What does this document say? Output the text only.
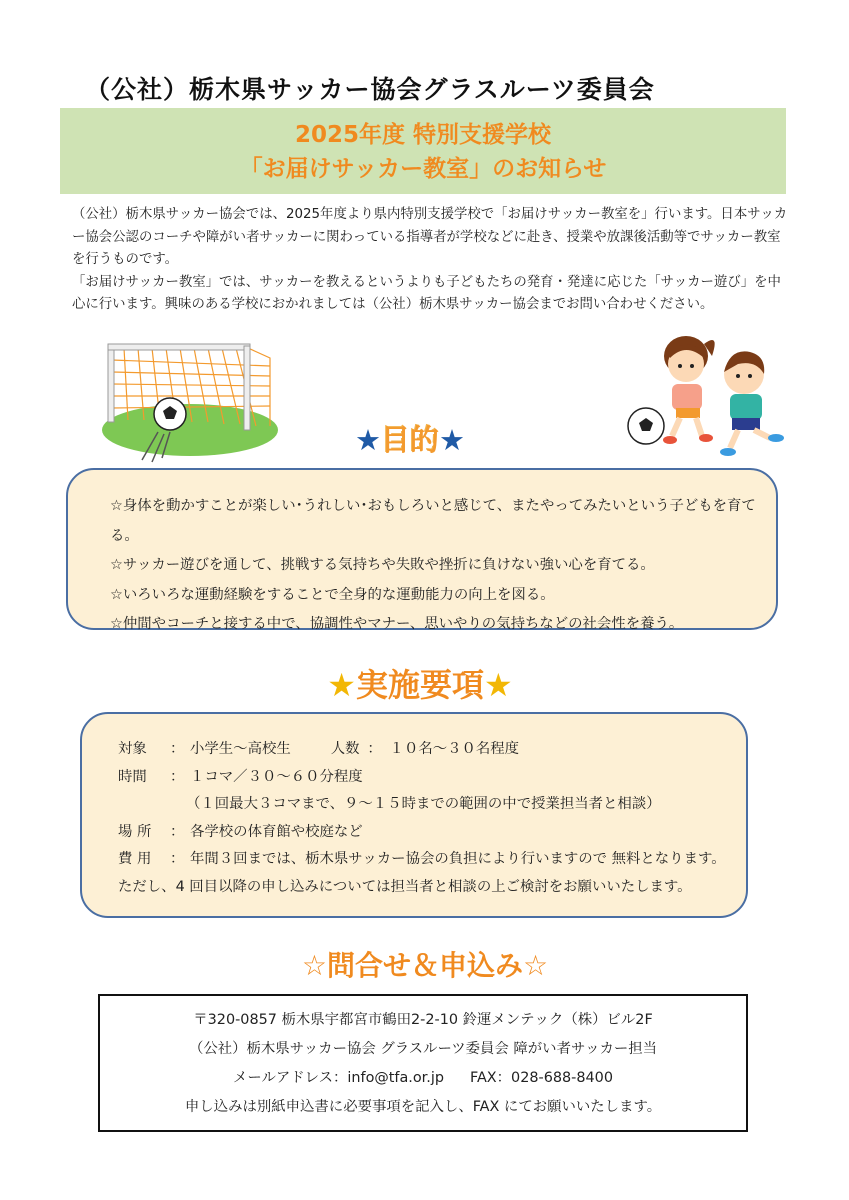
（公社）栃木県サッカー協会グラスルーツ委員会
2025年度 特別支援学校
「お届けサッカー教室」のお知らせ

（公社）栃木県サッカー協会では、2025年度より県内特別支援学校で「お届けサッカー教室を」行います。日本サッカー協会公認のコーチや障がい者サッカーに関わっている指導者が学校などに赴き、授業や放課後活動等でサッカー教室を行うものです。

「お届けサッカー教室」では、サッカーを教えるというよりも子どもたちの発育・発達に応じた「サッカー遊び」を中心に行います。興味のある学校におかれましては（公社）栃木県サッカー協会までお問い合わせください。

★目的★
☆身体を動かすことが楽しい･うれしい･おもしろいと感じて、またやってみたいという子どもを育てる。
☆サッカー遊びを通して、挑戦する気持ちや失敗や挫折に負けない強い心を育てる。
☆いろいろな運動経験をすることで全身的な運動能力の向上を図る。
☆仲間やコーチと接する中で、協調性やマナー、思いやりの気持ちなどの社会性を養う。
★実施要項★
対象 ： 小学生～高校生	人数 ： １０名～３０名程度
時間 ： １コマ／３０～６０分程度
（１回最大３コマまで、９～１５時までの範囲の中で授業担当者と相談）
場 所 ： 各学校の体育館や校庭など
費 用 ： 年間３回までは、栃木県サッカー協会の負担により行いますので 無料となります。
ただし、4 回目以降の申し込みについては担当者と相談の上ご検討をお願いいたします。
☆問合せ＆申込み☆
〒320-0857 栃木県宇都宮市鶴田2-2-10 鈴運メンテック（株）ビル2F
（公社）栃木県サッカー協会 グラスルーツ委員会 障がい者サッカー担当
メールアドレス：info@tfa.or.jp FAX：028-688-8400
申し込みは別紙申込書に必要事項を記入し、FAX にてお願いいたします。
